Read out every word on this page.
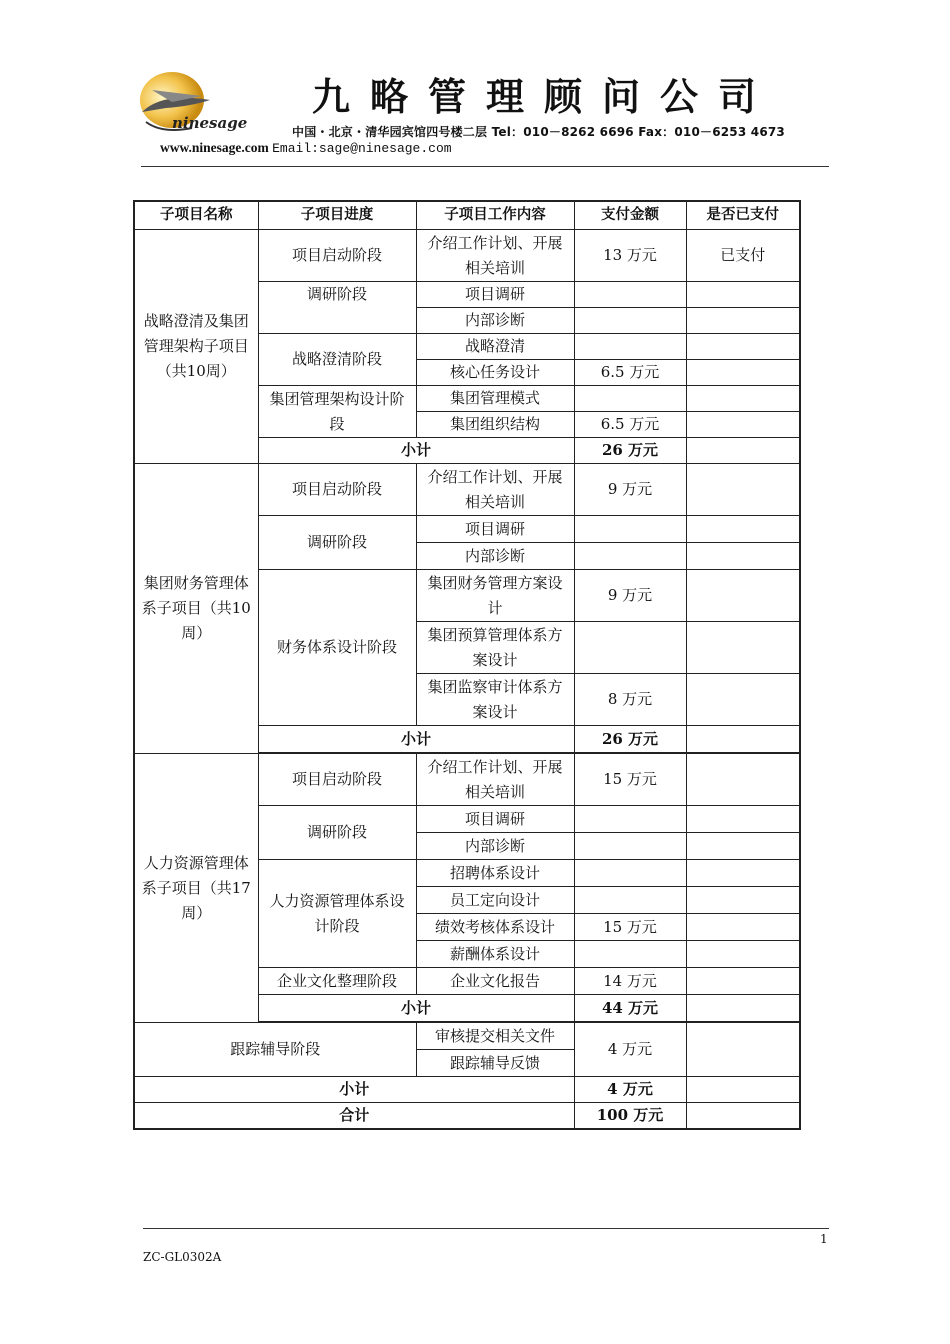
ninesage
九略管理顾问公司
中国・北京・清华园宾馆四号楼二层 Tel：010－8262 6696 Fax：010－6253 4673
www.ninesage.com Email:sage@ninesage.com
子项目名称	子项目进度	子项目工作内容	支付金额	是否已支付
战略澄清及集团管理架构子项目（共10周）	项目启动阶段	介绍工作计划、开展相关培训	13 万元	已支付
	调研阶段	项目调研		
		内部诊断		
	战略澄清阶段	战略澄清		
		核心任务设计	6.5 万元	
	集团管理架构设计阶段	集团管理模式		
		集团组织结构	6.5 万元	
	小计		26 万元	
集团财务管理体系子项目（共10周）	项目启动阶段	介绍工作计划、开展相关培训	9 万元	
	调研阶段	项目调研		
		内部诊断		
	财务体系设计阶段	集团财务管理方案设计	9 万元	
		集团预算管理体系方案设计		
		集团监察审计体系方案设计	8 万元	
	小计		26 万元	

人力资源管理体系子项目（共17周）	项目启动阶段	介绍工作计划、开展相关培训	15 万元	
	调研阶段	项目调研		
		内部诊断		
	人力资源管理体系设计阶段	招聘体系设计		
		员工定向设计		
		绩效考核体系设计	15 万元	
		薪酬体系设计		
	企业文化整理阶段	企业文化报告	14 万元	
	小计		44 万元	

跟踪辅导阶段		审核提交相关文件	4 万元	
		跟踪辅导反馈		
小计			4 万元	
合计			100 万元	
1
ZC-GL0302A
